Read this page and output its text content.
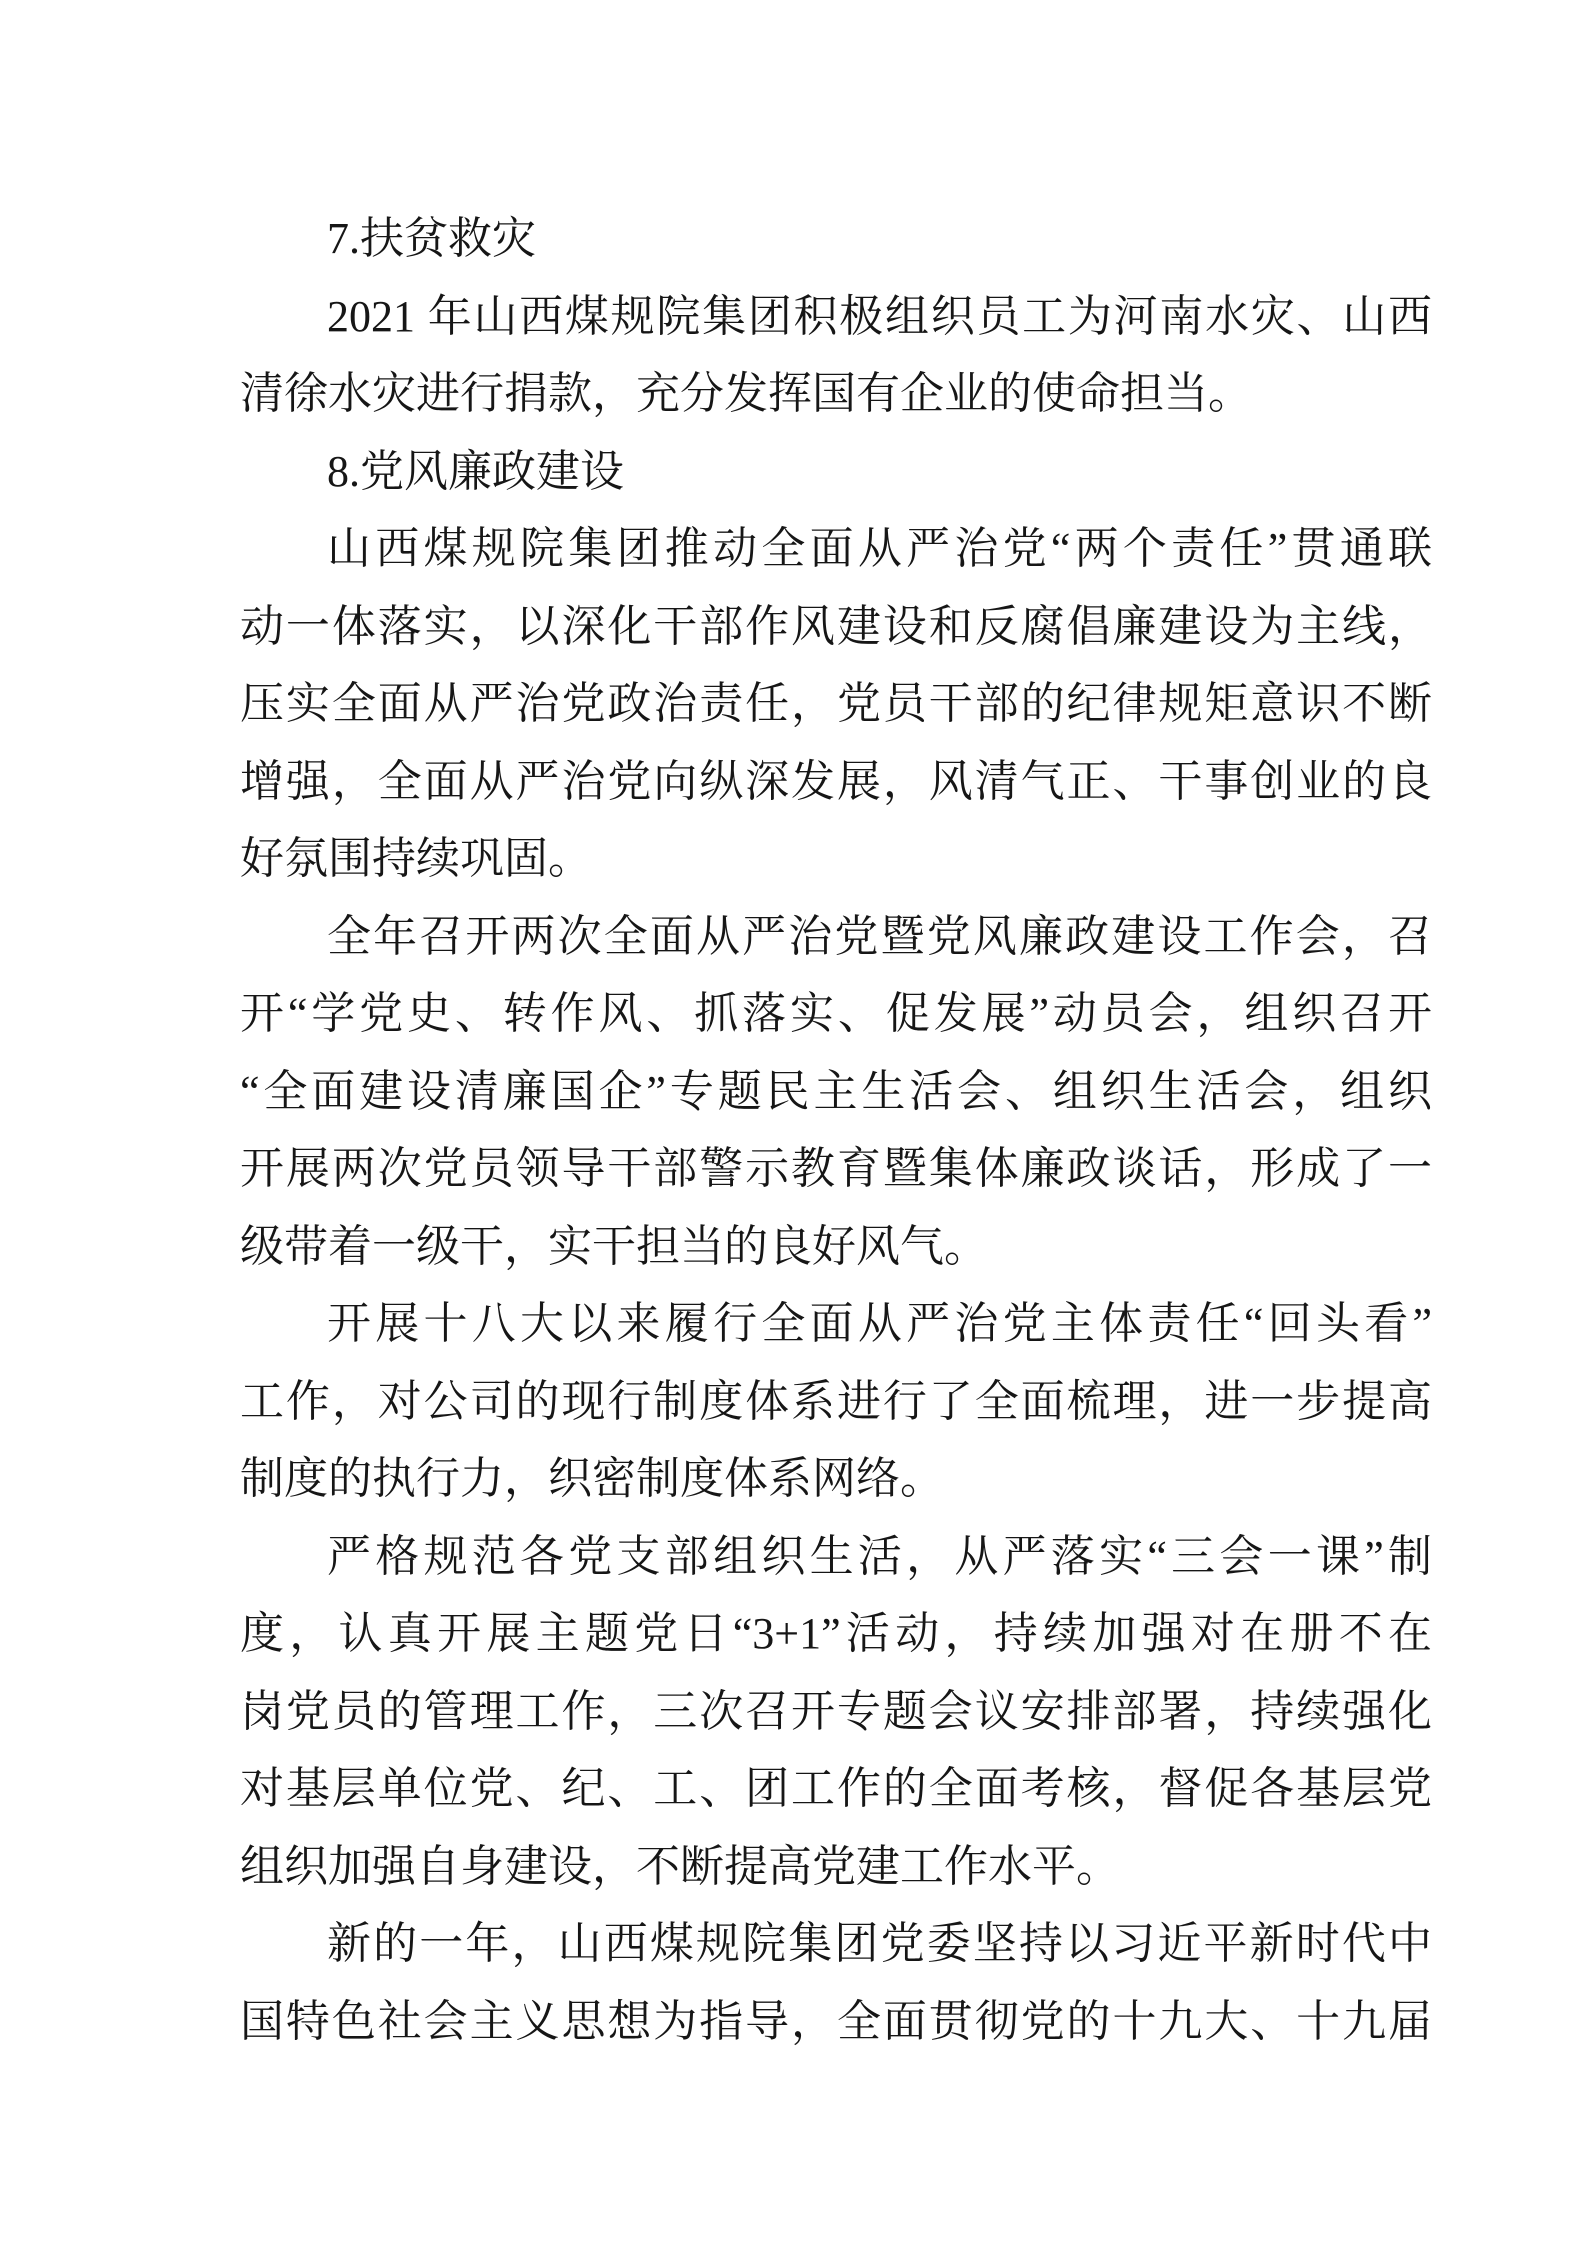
7.扶贫救灾
2021 年山西煤规院集团积极组织员工为河南水灾、山西
清徐水灾进行捐款，充分发挥国有企业的使命担当。
8.党风廉政建设
山西煤规院集团推动全面从严治党“两个责任”贯通联
动一体落实，以深化干部作风建设和反腐倡廉建设为主线，
压实全面从严治党政治责任，党员干部的纪律规矩意识不断
增强，全面从严治党向纵深发展，风清气正、干事创业的良
好氛围持续巩固。
全年召开两次全面从严治党暨党风廉政建设工作会，召
开“学党史、转作风、抓落实、促发展”动员会，组织召开
“全面建设清廉国企”专题民主生活会、组织生活会，组织
开展两次党员领导干部警示教育暨集体廉政谈话，形成了一
级带着一级干，实干担当的良好风气。
开展十八大以来履行全面从严治党主体责任“回头看”
工作，对公司的现行制度体系进行了全面梳理，进一步提高
制度的执行力，织密制度体系网络。
严格规范各党支部组织生活，从严落实“三会一课”制
度，认真开展主题党日“3+1”活动，持续加强对在册不在
岗党员的管理工作，三次召开专题会议安排部署，持续强化
对基层单位党、纪、工、团工作的全面考核，督促各基层党
组织加强自身建设，不断提高党建工作水平。
新的一年，山西煤规院集团党委坚持以习近平新时代中
国特色社会主义思想为指导，全面贯彻党的十九大、十九届
